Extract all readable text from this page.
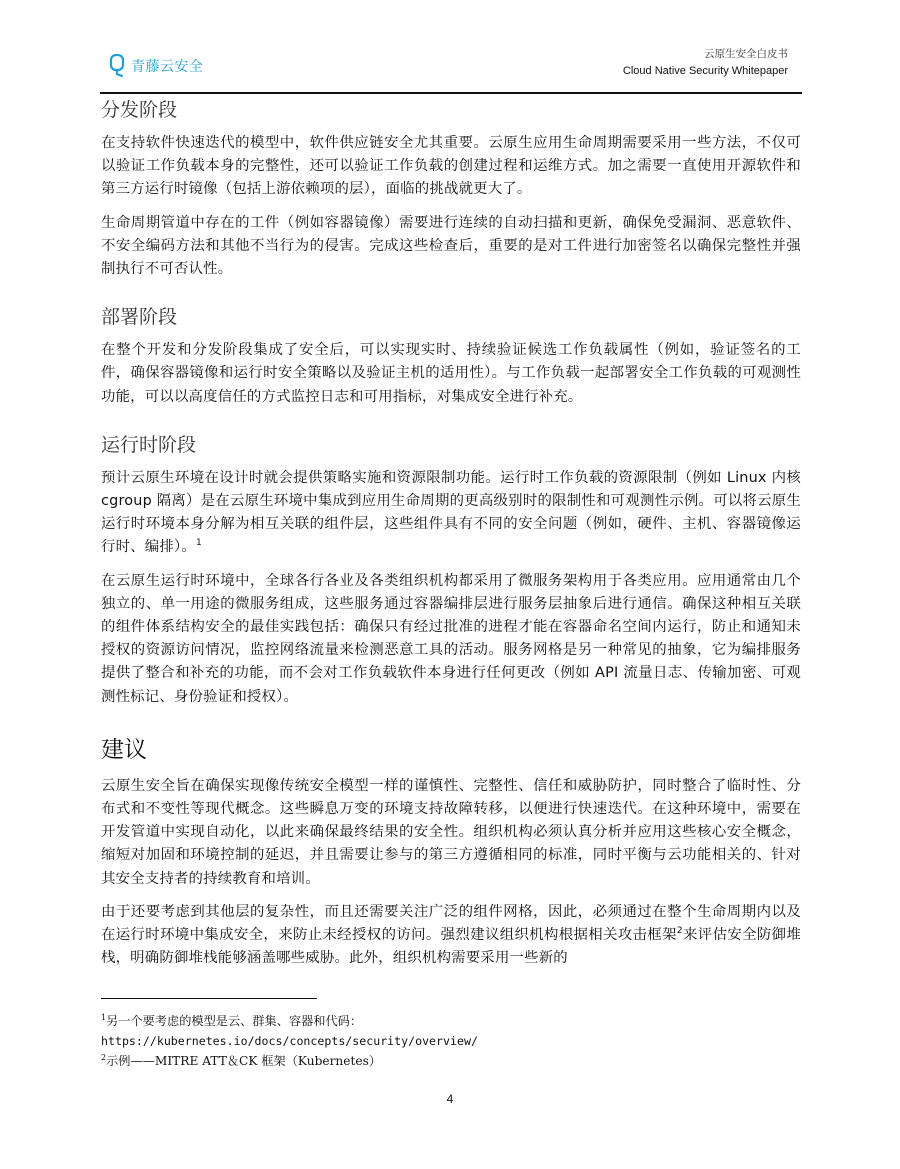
青藤云安全
云原生安全白皮书
Cloud Native Security Whitepaper
分发阶段

在支持软件快速迭代的模型中，软件供应链安全尤其重要。云原生应用生命周期需要采用一些方法，不仅可以验证工作负载本身的完整性，还可以验证工作负载的创建过程和运维方式。加之需要一直使用开源软件和第三方运行时镜像（包括上游依赖项的层），面临的挑战就更大了。

生命周期管道中存在的工件（例如容器镜像）需要进行连续的自动扫描和更新，确保免受漏洞、恶意软件、不安全编码方法和其他不当行为的侵害。完成这些检查后，重要的是对工件进行加密签名以确保完整性并强制执行不可否认性。

部署阶段

在整个开发和分发阶段集成了安全后，可以实现实时、持续验证候选工作负载属性（例如，验证签名的工件，确保容器镜像和运行时安全策略以及验证主机的适用性）。与工作负载一起部署安全工作负载的可观测性功能，可以以高度信任的方式监控日志和可用指标，对集成安全进行补充。

运行时阶段

预计云原生环境在设计时就会提供策略实施和资源限制功能。运行时工作负载的资源限制（例如 Linux 内核 cgroup 隔离）是在云原生环境中集成到应用生命周期的更高级别时的限制性和可观测性示例。可以将云原生运行时环境本身分解为相互关联的组件层，这些组件具有不同的安全问题（例如，硬件、主机、容器镜像运行时、编排）。$^1$

在云原生运行时环境中，全球各行各业及各类组织机构都采用了微服务架构用于各类应用。应用通常由几个独立的、单一用途的微服务组成，这些服务通过容器编排层进行服务层抽象后进行通信。确保这种相互关联的组件体系结构安全的最佳实践包括：确保只有经过批准的进程才能在容器命名空间内运行，防止和通知未授权的资源访问情况，监控网络流量来检测恶意工具的活动。服务网格是另一种常见的抽象，它为编排服务提供了整合和补充的功能，而不会对工作负载软件本身进行任何更改（例如 API 流量日志、传输加密、可观测性标记、身份验证和授权）。

建议

云原生安全旨在确保实现像传统安全模型一样的谨慎性、完整性、信任和威胁防护，同时整合了临时性、分布式和不变性等现代概念。这些瞬息万变的环境支持故障转移，以便进行快速迭代。在这种环境中，需要在开发管道中实现自动化，以此来确保最终结果的安全性。组织机构必须认真分析并应用这些核心安全概念，缩短对加固和环境控制的延迟，并且需要让参与的第三方遵循相同的标准，同时平衡与云功能相关的、针对其安全支持者的持续教育和培训。

由于还要考虑到其他层的复杂性，而且还需要关注广泛的组件网格，因此，必须通过在整个生命周期内以及在运行时环境中集成安全，来防止未经授权的访问。强烈建议组织机构根据相关攻击框架$^2$来评估安全防御堆栈，明确防御堆栈能够涵盖哪些威胁。此外，组织机构需要采用一些新的

$^1$另一个要考虑的模型是云、群集、容器和代码：
https://kubernetes.io/docs/concepts/security/overview/
$^2$示例——MITRE ATT＆CK 框架（Kubernetes）
4
